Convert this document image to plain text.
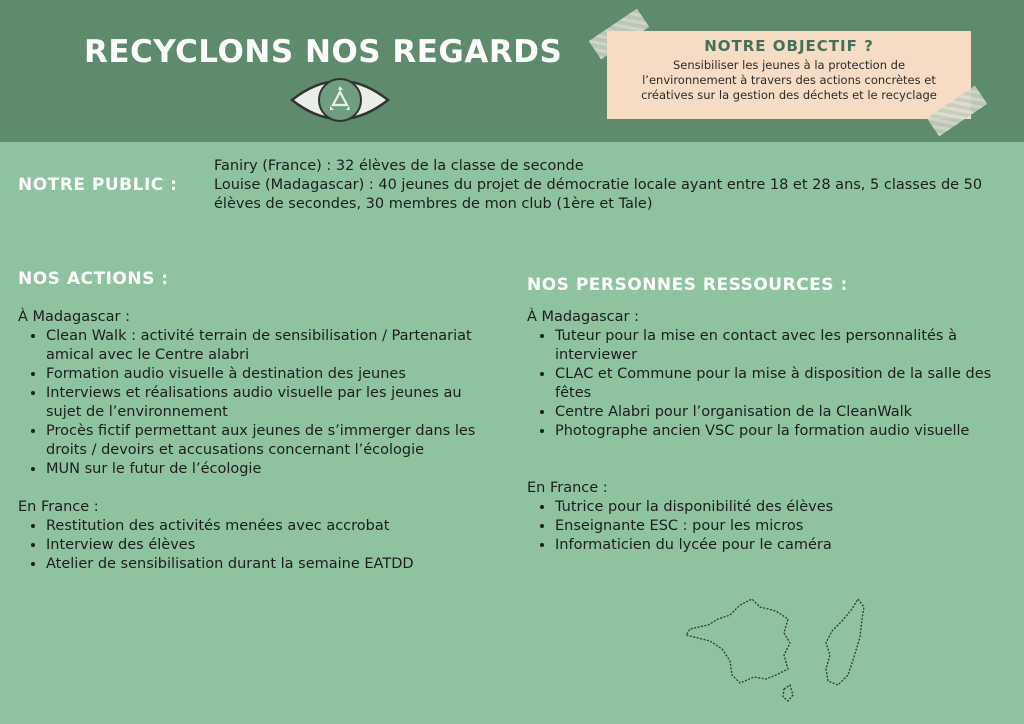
RECYCLONS NOS REGARDS	NOTRE OBJECTIF ?

Sensibiliser les jeunes à la protection de l’environnement à travers des actions concrètes et créatives sur la gestion des déchets et le recyclage

NOTRE PUBLIC :
Faniry (France) : 32 élèves de la classe de seconde
Louise (Madagascar) : 40 jeunes du projet de démocratie locale ayant entre 18 et 28 ans, 5 classes de 50 élèves de secondes, 30 membres de mon club (1ère et Tale)
NOS ACTIONS :
À Madagascar :
• Clean Walk : activité terrain de sensibilisation / Partenariat amical avec le Centre alabri
• Formation audio visuelle à destination des jeunes
• Interviews et réalisations audio visuelle par les jeunes au sujet de l’environnement
• Procès fictif permettant aux jeunes de s’immerger dans les droits / devoirs et accusations concernant l’écologie
• MUN sur le futur de l’écologie
En France :
• Restitution des activités menées avec accrobat
• Interview des élèves
• Atelier de sensibilisation durant la semaine EATDD
NOS PERSONNES RESSOURCES :
À Madagascar :
• Tuteur pour la mise en contact avec les personnalités à interviewer
• CLAC et Commune pour la mise à disposition de la salle des fêtes
• Centre Alabri pour l’organisation de la CleanWalk
• Photographe ancien VSC pour la formation audio visuelle
En France :
• Tutrice pour la disponibilité des élèves
• Enseignante ESC : pour les micros
• Informaticien du lycée pour le caméra
